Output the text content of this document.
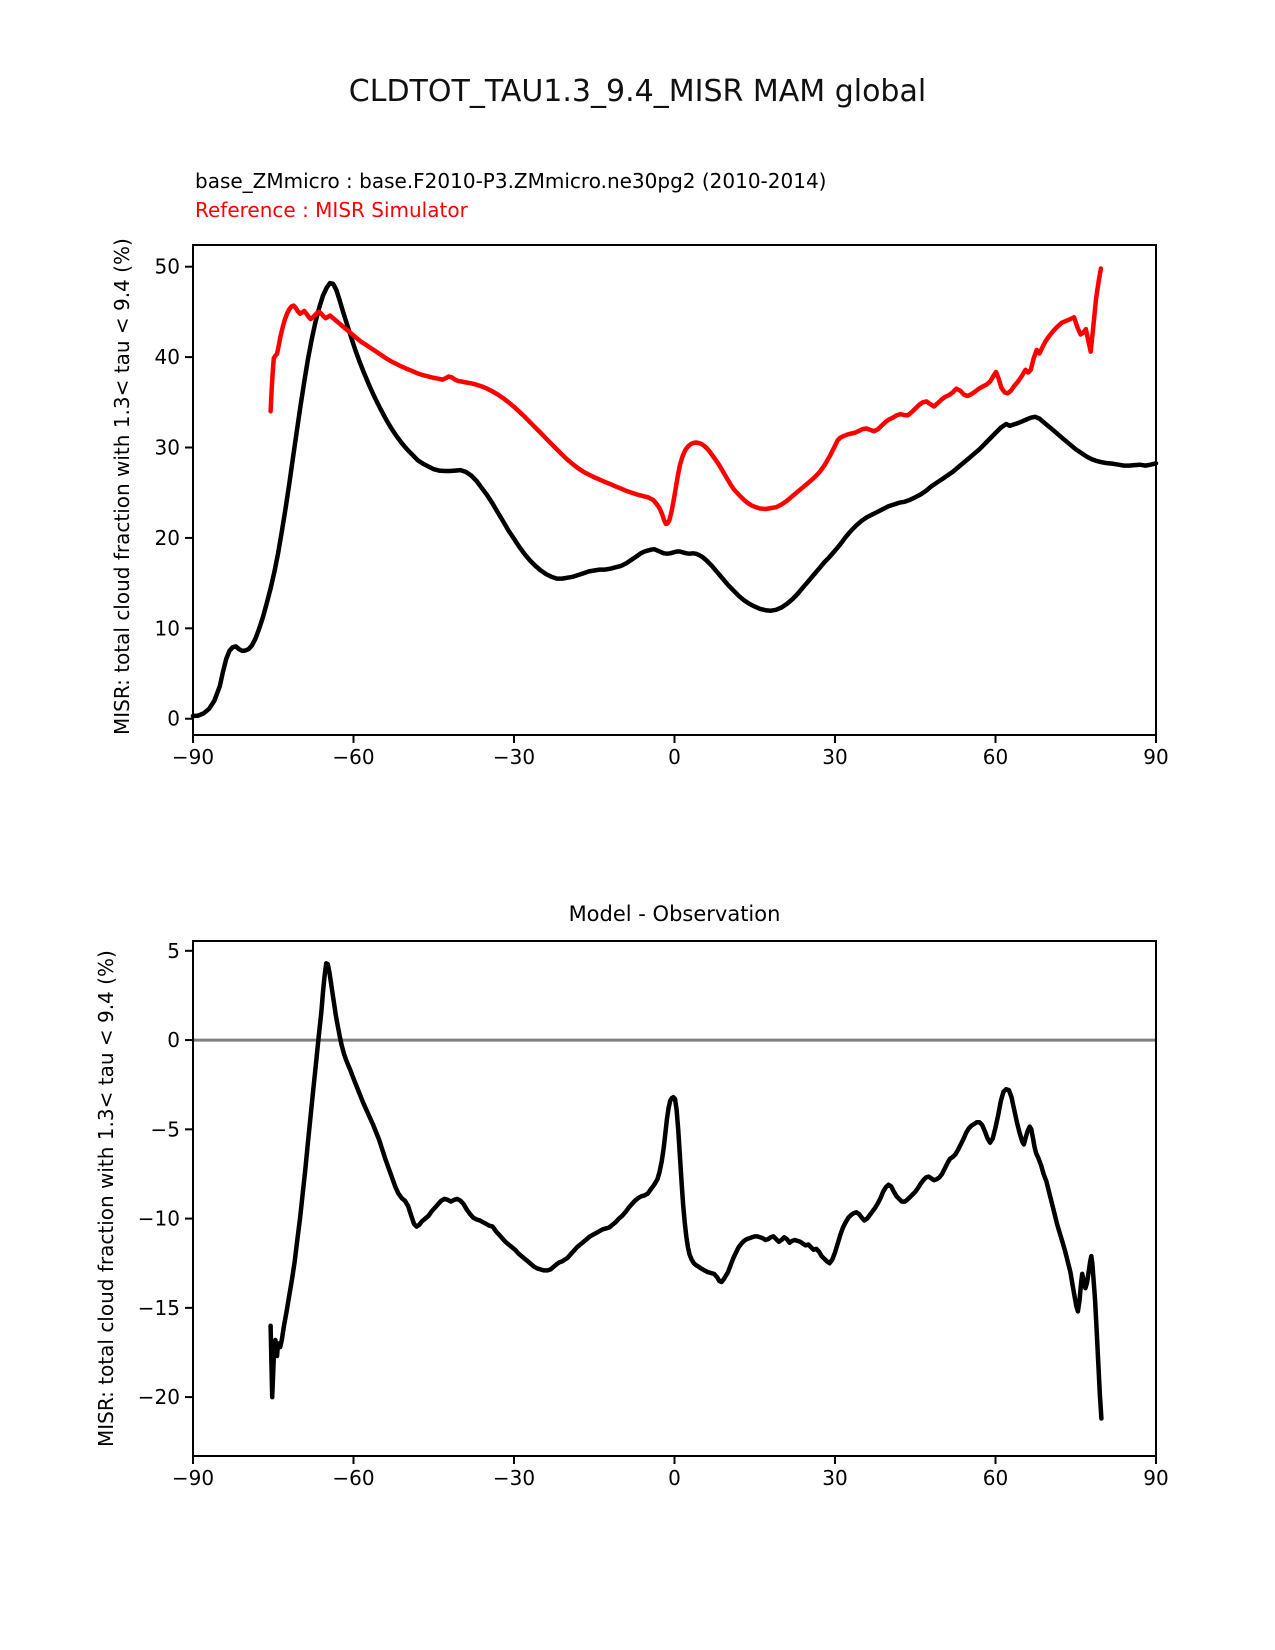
CLDTOT_TAU1.3_9.4_MISR MAM global
base_ZMmicro : base.F2010-P3.ZMmicro.ne30pg2 (2010-2014)
Reference : MISR Simulator
MISR: total cloud fraction with 1.3< tau < 9.4 (%)
−90	−60	−30	0	30	60	90
0
10
20
30
40
50
Model - Observation
MISR: total cloud fraction with 1.3< tau < 9.4 (%)
−90	−60	−30	0	30	60	90
5
0
−5
−10
−15
−20
